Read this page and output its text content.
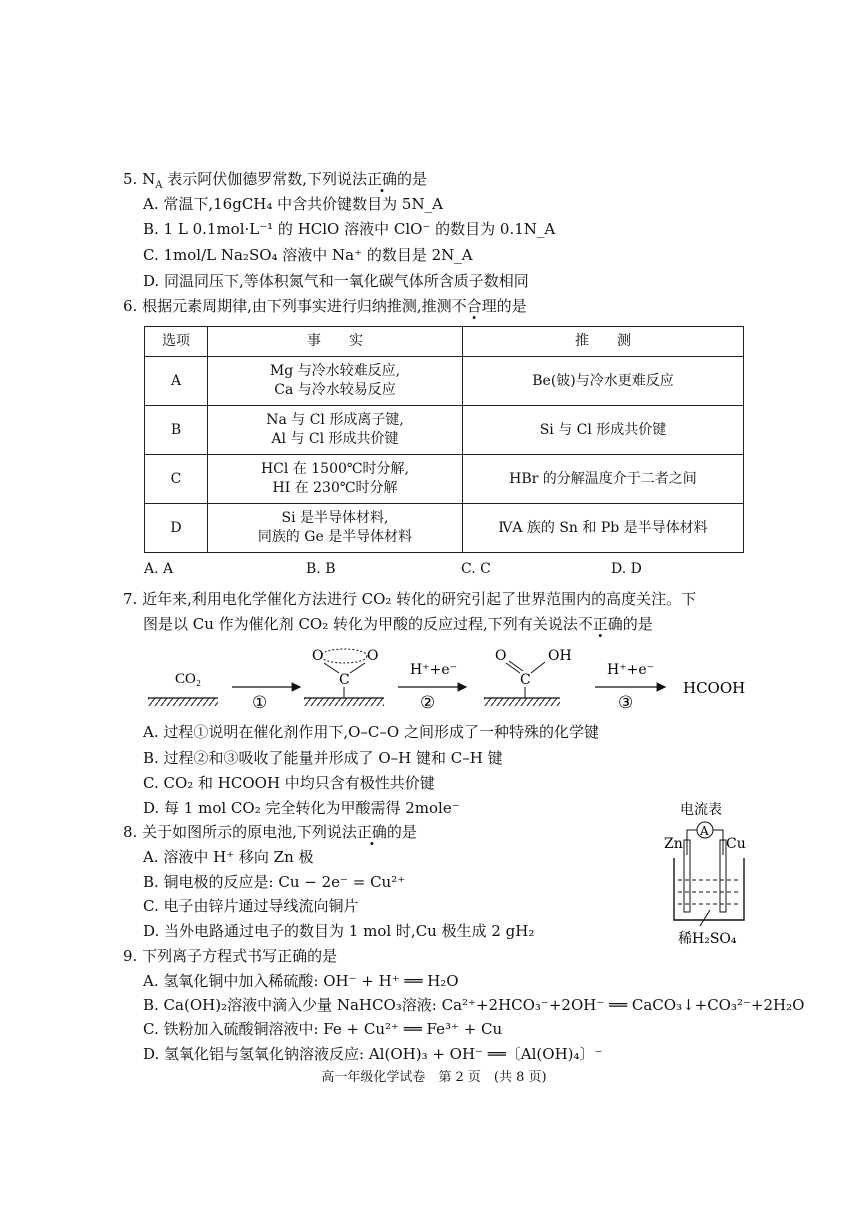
5. $N_A$ 表示阿伏伽德罗常数,下列说法正确的是
A. 常温下,16gCH₄ 中含共价键数目为 5N_A
B. 1 L 0.1mol·L⁻¹ 的 HClO 溶液中 ClO⁻ 的数目为 0.1N_A
C. 1mol/L Na₂SO₄ 溶液中 Na⁺ 的数目是 2N_A
D. 同温同压下,等体积氮气和一氧化碳气体所含质子数相同
6. 根据元素周期律,由下列事实进行归纳推测,推测不合理的是
选项	事　　实	推　　测
A	Mg 与冷水较难反应,
Ca 与冷水较易反应	Be(铍)与冷水更难反应
B	Na 与 Cl 形成离子键,
Al 与 Cl 形成共价键	Si 与 Cl 形成共价键
C	HCl 在 1500℃时分解,
HI 在 230℃时分解	HBr 的分解温度介于二者之间
D	Si 是半导体材料,
同族的 Ge 是半导体材料	ⅣA 族的 Sn 和 Pb 是半导体材料
A. A	B. B	C. C	D. D
7. 近年来,利用电化学催化方法进行 CO₂ 转化的研究引起了世界范围内的高度关注。下
图是以 Cu 作为催化剂 CO₂ 转化为甲酸的反应过程,下列有关说法不正确的是
CO₂
①
O	O
C
H⁺+e⁻
②
O	OH
C
H⁺+e⁻
③
HCOOH
A. 过程①说明在催化剂作用下,O–C–O 之间形成了一种特殊的化学键
B. 过程②和③吸收了能量并形成了 O–H 键和 C–H 键
C. CO₂ 和 HCOOH 中均只含有极性共价键
D. 每 1 mol CO₂ 完全转化为甲酸需得 2mole⁻
8. 关于如图所示的原电池,下列说法正确的是
A. 溶液中 H⁺ 移向 Zn 极
B. 铜电极的反应是: Cu − 2e⁻ = Cu²⁺
C. 电子由锌片通过导线流向铜片
D. 当外电路通过电子的数目为 1 mol 时,Cu 极生成 2 gH₂
电流表
A
Zn	Cu
稀H₂SO₄
9. 下列离子方程式书写正确的是
A. 氢氧化铜中加入稀硫酸: OH⁻ + H⁺ ══ H₂O
B. Ca(OH)₂溶液中滴入少量 NaHCO₃溶液: Ca²⁺+2HCO₃⁻+2OH⁻ ══ CaCO₃↓+CO₃²⁻+2H₂O
C. 铁粉加入硫酸铜溶液中: Fe + Cu²⁺ ══ Fe³⁺ + Cu
D. 氢氧化铝与氢氧化钠溶液反应: Al(OH)₃ + OH⁻ ══〔Al(OH)₄〕⁻
高一年级化学试卷　第 2 页　(共 8 页)
